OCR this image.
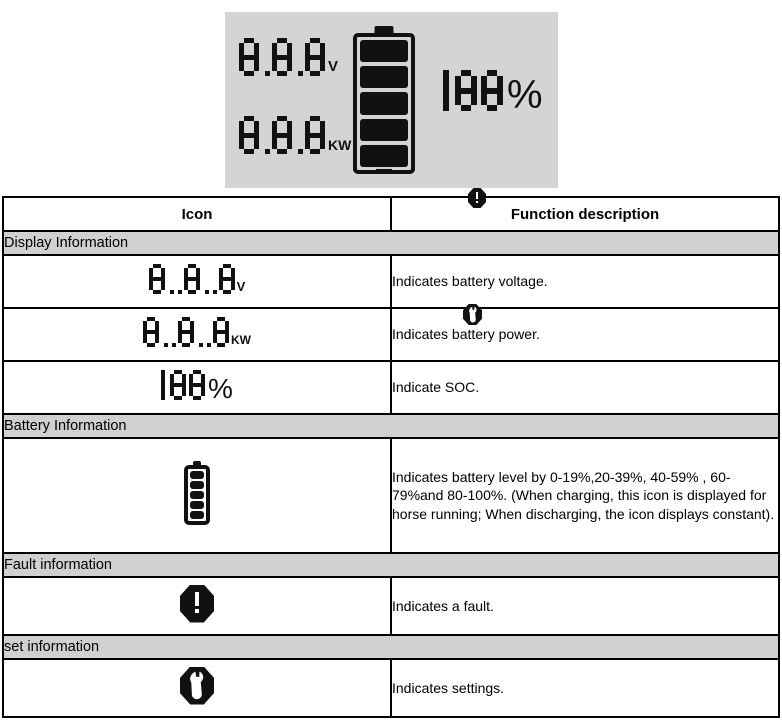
V
KW
%
Icon	Function description
Display Information	

V	Indicates battery voltage.

KW	Indicates battery power.

%	Indicate SOC.
Battery Information	

	Indicates battery level by 0-19%,20-39%, 40-59% , 60-79%and 80-100%. (When charging, this icon is displayed for horse running; When discharging, the icon displays constant).
Fault information	

	Indicates a fault.
set information	

	Indicates settings.
